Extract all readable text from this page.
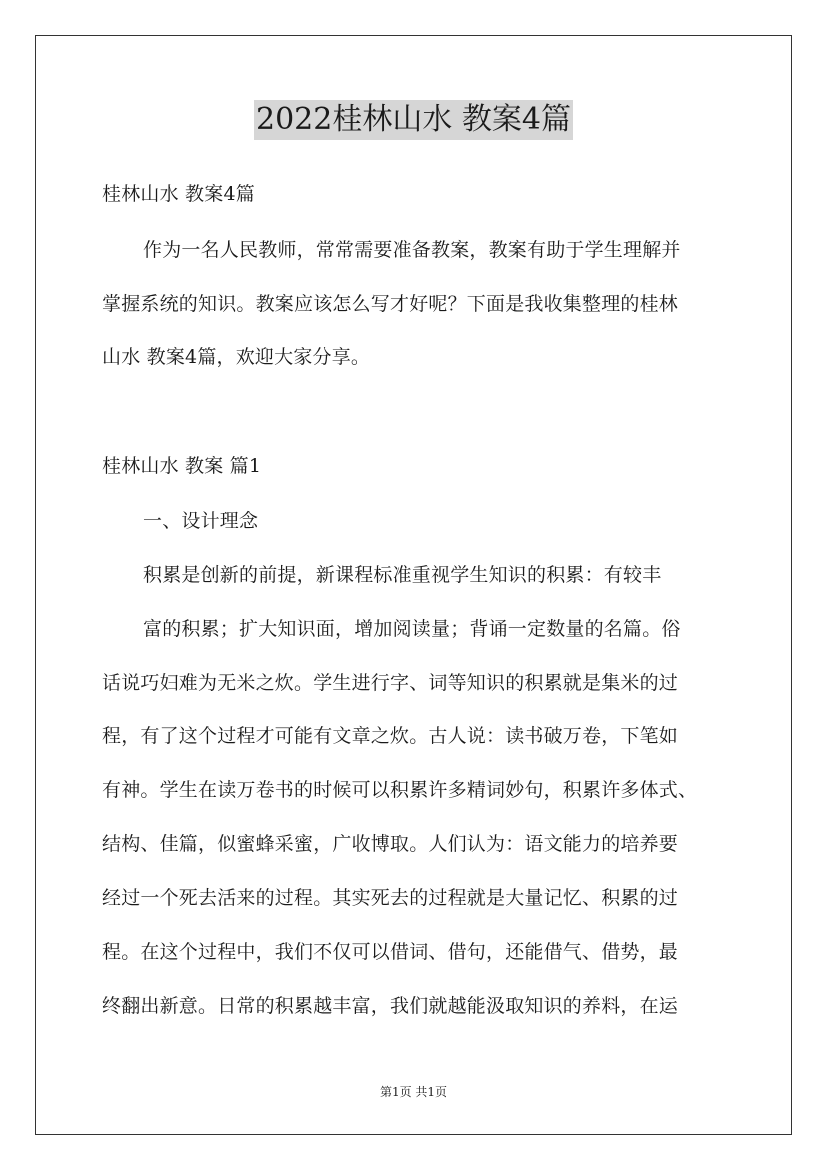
2022桂林山水 教案4篇
桂林山水 教案4篇
作为一名人民教师，常常需要准备教案，教案有助于学生理解并
掌握系统的知识。教案应该怎么写才好呢？下面是我收集整理的桂林
山水 教案4篇，欢迎大家分享。
桂林山水 教案 篇1
一、设计理念
积累是创新的前提，新课程标准重视学生知识的积累：有较丰
富的积累；扩大知识面，增加阅读量；背诵一定数量的名篇。俗
话说巧妇难为无米之炊。学生进行字、词等知识的积累就是集米的过
程，有了这个过程才可能有文章之炊。古人说：读书破万卷，下笔如
有神。学生在读万卷书的时候可以积累许多精词妙句，积累许多体式、
结构、佳篇，似蜜蜂采蜜，广收博取。人们认为：语文能力的培养要
经过一个死去活来的过程。其实死去的过程就是大量记忆、积累的过
程。在这个过程中，我们不仅可以借词、借句，还能借气、借势，最
终翻出新意。日常的积累越丰富，我们就越能汲取知识的养料，在运
第1页 共1页
